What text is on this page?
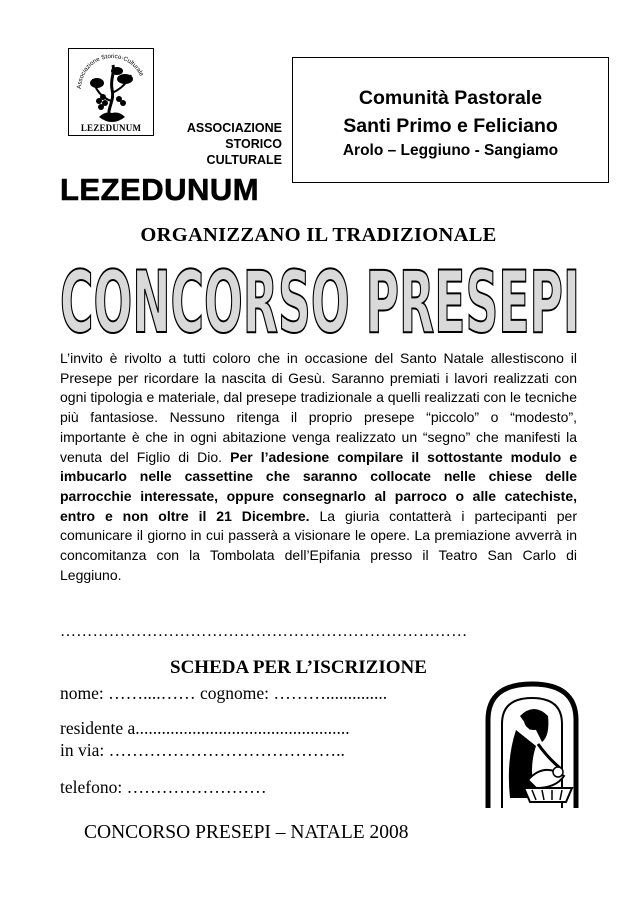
Associazione Storico-Culturale
LEZEDUNUM	ASSOCIAZIONE
STORICO
CULTURALE
LEZEDUNUM
Comunità Pastorale
Santi Primo e Feliciano
Arolo – Leggiuno - Sangiamo
ORGANIZZANO IL TRADIZIONALE
CONCORSO PRESEPI
L’invito è rivolto a tutti coloro che in occasione del Santo Natale allestiscono il Presepe per ricordare la nascita di Gesù. Saranno premiati i lavori realizzati con ogni tipologia e materiale, dal presepe tradizionale a quelli realizzati con le tecniche più fantasiose. Nessuno ritenga il proprio presepe “piccolo” o “modesto”, importante è che in ogni abitazione venga realizzato un “segno” che manifesti la venuta del Figlio di Dio. Per l’adesione compilare il sottostante modulo e imbucarlo nelle cassettine che saranno collocate nelle chiese delle parrocchie interessate, oppure consegnarlo al parroco o alle catechiste, entro e non oltre il 21 Dicembre. La giuria contatterà i partecipanti per comunicare il giorno in cui passerà a visionare le opere. La premiazione avverrà in concomitanza con la Tombolata dell’Epifania presso il Teatro San Carlo di Leggiuno.
…………………………………………………………………
SCHEDA PER L’ISCRIZIONE
nome: ……....…… cognome: ………..............
residente a.................................................
in via: …………………………………..
telefono: ……………………
CONCORSO PRESEPI – NATALE 2008
